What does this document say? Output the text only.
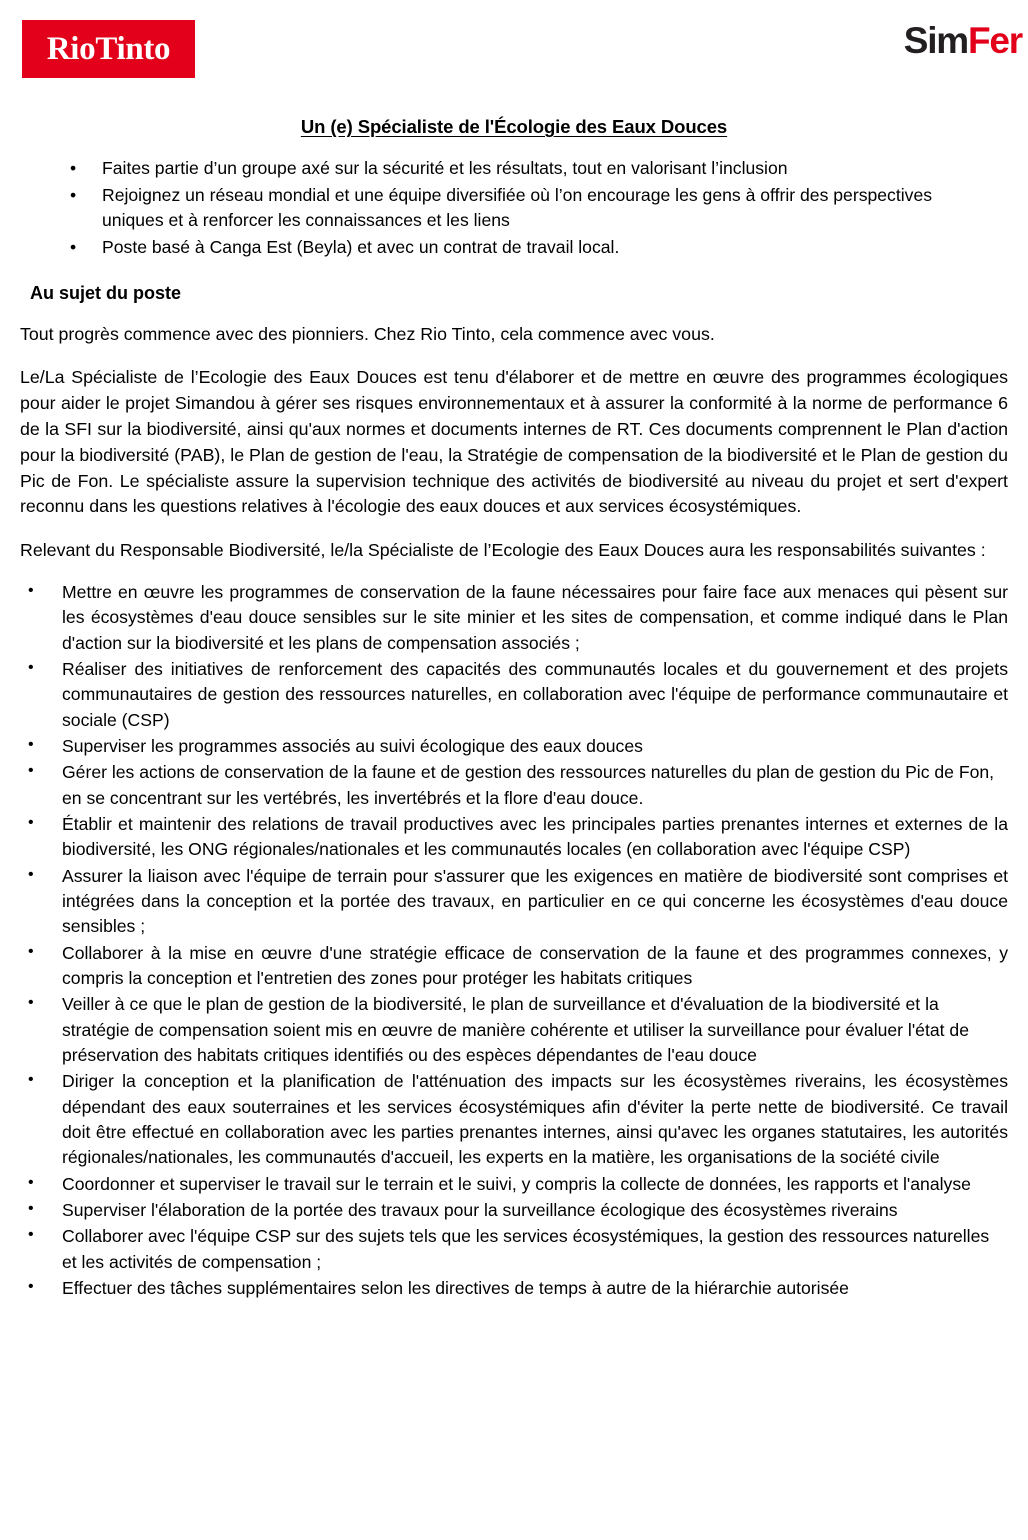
RioTinto	SimFer
Un (e) Spécialiste de l'Écologie des Eaux Douces
• Faites partie d’un groupe axé sur la sécurité et les résultats, tout en valorisant l’inclusion
• Rejoignez un réseau mondial et une équipe diversifiée où l’on encourage les gens à offrir des perspectives uniques et à renforcer les connaissances et les liens
• Poste basé à Canga Est (Beyla) et avec un contrat de travail local.
Au sujet du poste

Tout progrès commence avec des pionniers. Chez Rio Tinto, cela commence avec vous.

Le/La Spécialiste de l’Ecologie des Eaux Douces est tenu d'élaborer et de mettre en œuvre des programmes écologiques pour aider le projet Simandou à gérer ses risques environnementaux et à assurer la conformité à la norme de performance 6 de la SFI sur la biodiversité, ainsi qu'aux normes et documents internes de RT. Ces documents comprennent le Plan d'action pour la biodiversité (PAB), le Plan de gestion de l'eau, la Stratégie de compensation de la biodiversité et le Plan de gestion du Pic de Fon. Le spécialiste assure la supervision technique des activités de biodiversité au niveau du projet et sert d'expert reconnu dans les questions relatives à l'écologie des eaux douces et aux services écosystémiques.

Relevant du Responsable Biodiversité, le/la Spécialiste de l’Ecologie des Eaux Douces aura les responsabilités suivantes :

• Mettre en œuvre les programmes de conservation de la faune nécessaires pour faire face aux menaces qui pèsent sur les écosystèmes d'eau douce sensibles sur le site minier et les sites de compensation, et comme indiqué dans le Plan d'action sur la biodiversité et les plans de compensation associés ;
• Réaliser des initiatives de renforcement des capacités des communautés locales et du gouvernement et des projets communautaires de gestion des ressources naturelles, en collaboration avec l'équipe de performance communautaire et sociale (CSP)
• Superviser les programmes associés au suivi écologique des eaux douces
• Gérer les actions de conservation de la faune et de gestion des ressources naturelles du plan de gestion du Pic de Fon, en se concentrant sur les vertébrés, les invertébrés et la flore d'eau douce.
• Établir et maintenir des relations de travail productives avec les principales parties prenantes internes et externes de la biodiversité, les ONG régionales/nationales et les communautés locales (en collaboration avec l'équipe CSP)
• Assurer la liaison avec l'équipe de terrain pour s'assurer que les exigences en matière de biodiversité sont comprises et intégrées dans la conception et la portée des travaux, en particulier en ce qui concerne les écosystèmes d'eau douce sensibles ;
• Collaborer à la mise en œuvre d'une stratégie efficace de conservation de la faune et des programmes connexes, y compris la conception et l'entretien des zones pour protéger les habitats critiques
• Veiller à ce que le plan de gestion de la biodiversité, le plan de surveillance et d'évaluation de la biodiversité et la stratégie de compensation soient mis en œuvre de manière cohérente et utiliser la surveillance pour évaluer l'état de préservation des habitats critiques identifiés ou des espèces dépendantes de l'eau douce
• Diriger la conception et la planification de l'atténuation des impacts sur les écosystèmes riverains, les écosystèmes dépendant des eaux souterraines et les services écosystémiques afin d'éviter la perte nette de biodiversité. Ce travail doit être effectué en collaboration avec les parties prenantes internes, ainsi qu'avec les organes statutaires, les autorités régionales/nationales, les communautés d'accueil, les experts en la matière, les organisations de la société civile
• Coordonner et superviser le travail sur le terrain et le suivi, y compris la collecte de données, les rapports et l'analyse
• Superviser l'élaboration de la portée des travaux pour la surveillance écologique des écosystèmes riverains
• Collaborer avec l'équipe CSP sur des sujets tels que les services écosystémiques, la gestion des ressources naturelles et les activités de compensation ;
• Effectuer des tâches supplémentaires selon les directives de temps à autre de la hiérarchie autorisée
